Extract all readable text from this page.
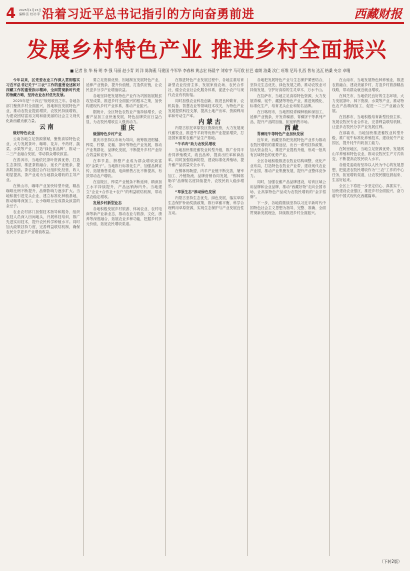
4 2025年1月15日 编辑:张 校对:李 沿着习近平总书记指引的方向奋勇前进	西藏财报
发展乡村特色产业 推进乡村全面振兴
■ 记者 张 华 杨 明 李 强 马丽 赵小青 刘 洋 陈海燕 马建国 牛军华 李春林 黄志宏 杨晨宇 刘家宇 马可欣 拉巴 索朗 洛桑 次仁 旺堆 尼玛 扎西 普布 达瓦 格桑 央宗 卓嘎

今年以来，区党委农业工作深入贯彻落实习近平总书记关于“三农”工作的重要论述和对西藏工作的重要指示精神，全面贯彻新时代党的治藏方略，坚持农业农村优先发展。

2025年是“十四五”规划收官之年。各地各部门聚焦乡村全面振兴，因地制宜发展特色产业，推动农牧业提质增效、农牧民持续增收，为建设团结富裕文明和谐美丽的社会主义现代化新西藏贡献力量。

云 南

做好特色农业

云南各地立足资源禀赋，聚焦高原特色农业，大力发展茶叶、咖啡、花卉、中药材、蔬菜、水果等产业，打造“绿色食品牌”，推动一二三产业融合发展，带动群众增收致富。

在普洱市，当地依托茶叶资源优势，打造生态茶园，推进茶旅融合，延长产业链条，提高附加值。茶农通过合作社组织化经营，收入明显提高，茶产业成为当地群众增收的主导产业。

在保山市，咖啡产业加快转型升级，精品咖啡比例不断提升，品牌影响力逐步扩大。当地积极引进龙头企业，建立标准化种植基地，推动咖啡深加工，让小咖啡豆变成群众致富的金豆子。

农业农村部门加强技术指导和服务，组织农技人员深入田间地头，开展科技培训，推广先进实用技术，提升农民科学种植水平。同时加大政策扶持力度，完善利益联结机制，确保农民分享更多产业增值收益。

要立足资源优势，因地制宜发展特色产业，延伸产业链条，提升价值链，打造供应链，让农民更多分享产业增值收益。

各地坚持把发展特色产业作为巩固拓展脱贫攻坚成果、推进乡村全面振兴的根本之策，加快构建现代乡村产业体系，推动产业振兴。

据统计，全区特色农牧业产值持续增长，农畜产品加工业快速发展，特色品牌效应日益凸显，为农牧民增收注入强劲动力。

重 庆

做强特色乡村产业

重庆市坚持以市场为导向，统筹推进柑橘、榨菜、柠檬、花椒、茶叶等特色产业发展，推动产业集群化、品牌化发展，不断提升乡村产业综合效益和竞争力。

在奉节县，脐橙产业成为群众增收致富的“金果子”。当地推行标准化生产，加强品牌宣传，拓展销售渠道，电商销售占比不断提高，有效带动农户增收。

在涪陵区，榨菜产业链条不断延伸，精深加工水平持续提升，产品远销海内外。当地建立“企业+合作社+农户”的利益联结机制，带动菜农稳定增收。

发展乡村新型业态

各地积极发展乡村旅游、休闲农业、农村电商等新产业新业态，推动农业与旅游、文化、康养等深度融合，拓展农业多种功能，挖掘乡村多元价值，拓宽农民增收渠道。

在推进特色产业发展过程中，各地注重培育新型农业经营主体，发展家庭农场、农民合作社，健全农业社会化服务体系，促进小农户与现代农业有机衔接。

同时加强农业科技创新，推进良种繁育、农机装备、智慧农业等领域技术攻关，为特色产业发展提供科技支撑，提高土地产出率、资源利用率和劳动生产率。

内 蒙 古

内蒙古依托草原牧区资源优势，大力发展现代畜牧业，推进牛羊奶等优势产业提质增效，打造国家重要农畜产品生产基地。

“牛羊肉”助力农牧民增收

当地加快推进畜牧业转型升级，推广舍饲半舍饲养殖模式，改良品种，提高出栏率和商品率。同时加强疫病防控，建设标准化养殖场，提升畜产品质量安全水平。

在锡林郭勒盟，肉羊产业链不断完善，屠宰加工、冷链物流、品牌营销协同发展，“锡林郭勒羊”品牌知名度持续提升，农牧民收入稳步增长。

“草原生态”推动绿色发展

内蒙古坚持生态优先、绿色发展，落实草原生态保护补助奖励政策，推行草畜平衡，科学合理利用草原资源，实现生态保护与产业发展良性互动。

各地把发展特色产业与生态保护紧密结合，坚持走生态优先、绿色发展之路，推动农牧业可持续发展，守护好高原的生灵草木、万水千山。

在拉萨市，当地立足高原特色资源，大力发展青稞、牦牛、藏猪等特色产业，推进规模化、标准化生产，培育龙头企业和知名品牌。

在日喀则市，当地围绕青稞种植和深加工，延伸产业链条，开发青稞酒、青稞饼干等系列产品，提升产品附加值，拓宽销售市场。

西 藏

青稞牦牛等特色产业加快发展

近年来，西藏坚持把发展特色产业作为推动农牧民增收的重要途径，出台一系列扶持政策，加大资金投入，推进产业提档升级，形成一批具有区域特色的优势产业。

全区各地积极推进农牧业结构调整，优化产业布局，打造特色农牧业产业带，建设现代农业产业园，推动产业集聚发展，提升产业整体竞争力。

同时，加强农畜产品品牌建设，培育区域公用品牌和企业品牌，推动“西藏好物”走向全国市场，让高原特色产品成为农牧民增收的“金字招牌”。

下一步，各地将继续坚持以习近平新时代中国特色社会主义思想为指导，完整、准确、全面贯彻新发展理念，持续推进乡村全面振兴。

在山南市，当地发展特色种养殖业，推进农旅融合，建设美丽乡村，打造乡村旅游精品线路，带动群众就近就业增收。

在林芝市，当地依托良好的生态环境，大力发展茶叶、林下资源、水果等产业，推动特色农产品精深加工，促进一二三产业融合发展。

在昌都市，当地积极培育新型经营主体，发展农牧民专业合作社，完善利益联结机制，让更多农牧民分享产业发展红利。

在那曲市，当地加快推进畜牧业转型升级，推广牦牛标准化养殖技术，建设牦牛产业园区，提升牦牛肉奶加工能力。

在阿里地区，当地立足资源优势，发展绒山羊养殖和特色农业，推动农牧民生产方式转变，不断提高农牧民收入水平。

各级党委政府坚持以人民为中心的发展思想，把促进农牧民增收作为“三农”工作的中心任务，拓宽增收渠道，让农牧民腰包鼓起来、生活好起来。

全区上下将进一步坚定信心、真抓实干，加快建设农业强区，推进乡村全面振兴，奋力谱写中国式现代化西藏篇章。

（下转2版）
